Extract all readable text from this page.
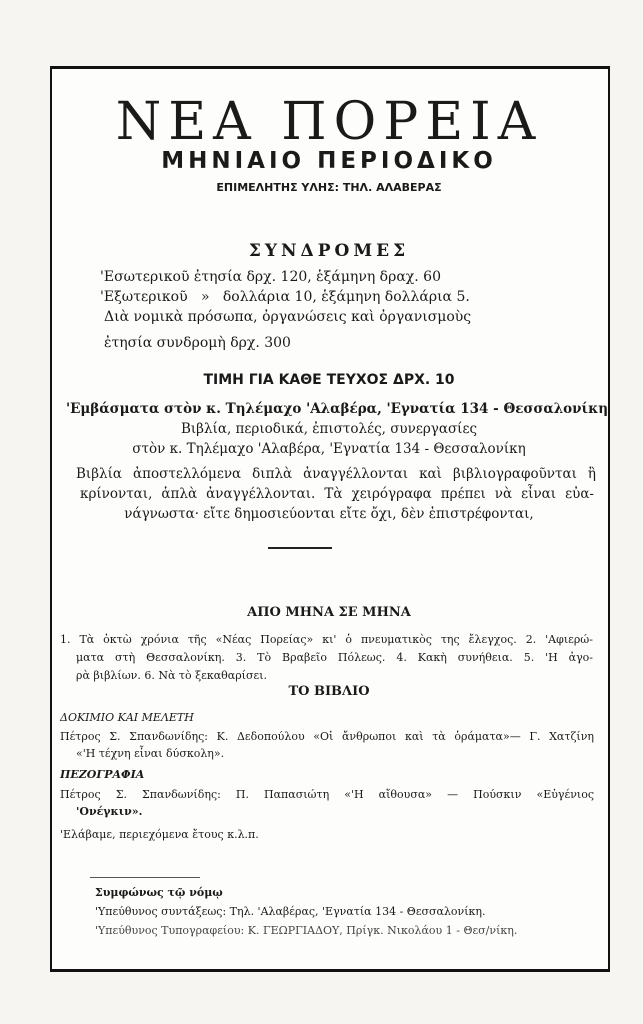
ΝΕΑ ΠΟΡΕΙΑ
ΜΗΝΙΑΙΟ ΠΕΡΙΟΔΙΚΟ
ΕΠΙΜΕΛΗΤΗΣ ΥΛΗΣ: ΤΗΛ. ΑΛΑΒΕΡΑΣ
ΣΥΝΔΡΟΜΕΣ
'Εσωτερικοῦ ἐτησία δρχ. 120, ἑξάμηνη δραχ. 60
'Εξωτερικοῦ   »   δολλάρια 10, ἑξάμηνη δολλάρια 5.
Διὰ νομικὰ πρόσωπα, ὀργανώσεις καὶ ὀργανισμοὺς
ἐτησία συνδρομὴ δρχ. 300
ΤΙΜΗ ΓΙΑ ΚΑΘΕ ΤΕΥΧΟΣ ΔΡΧ. 10
'Εμβάσματα στὸν κ. Τηλέμαχο 'Αλαβέρα, 'Εγνατία 134 - Θεσσαλονίκη
Βιβλία, περιοδικά, ἐπιστολές, συνεργασίες
στὸν κ. Τηλέμαχο 'Αλαβέρα, 'Εγνατία 134 - Θεσσαλονίκη
Βιβλία ἀποστελλόμενα διπλὰ ἀναγγέλλονται καὶ βιβλιογραφοῦνται ἢ
κρίνονται, ἁπλὰ ἀναγγέλλονται. Τὰ χειρόγραφα πρέπει νὰ εἶναι εὐα-
νάγνωστα· εἴτε δημοσιεύονται εἴτε ὄχι, δὲν ἐπιστρέφονται,
ΑΠΟ ΜΗΝΑ ΣΕ ΜΗΝΑ
1. Τὰ ὀκτὼ χρόνια τῆς «Νέας Πορείας» κι' ὁ πνευματικὸς της ἔλεγχος. 2. 'Αφιερώ-
ματα στὴ Θεσσαλονίκη. 3. Τὸ Βραβεῖο Πόλεως. 4. Κακὴ συνήθεια. 5. 'Η ἀγο-
ρὰ βιβλίων. 6. Νὰ τὸ ξεκαθαρίσει.
ΤΟ ΒΙΒΛΙΟ
ΔΟΚΙΜΙΟ ΚΑΙ ΜΕΛΕΤΗ
Πέτρος Σ. Σπανδωνίδης: Κ. Δεδοπούλου «Οἱ ἄνθρωποι καὶ τὰ ὁράματα»— Γ. Χατζίνη
«'Η τέχνη εἶναι δύσκολη».
ΠΕΖΟΓΡΑΦΙΑ
Πέτρος Σ. Σπανδωνίδης: Π. Παπασιώτη «'Η αἴθουσα» — Πούσκιν «Εὐγένιος
'Ονέγκιν».
'Ελάβαμε, περιεχόμενα ἔτους κ.λ.π.
Συμφώνως τῷ νόμῳ
'Υπεύθυνος συντάξεως: Τηλ. 'Αλαβέρας, 'Εγνατία 134 - Θεσσαλονίκη.
'Υπεύθυνος Τυπογραφείου: Κ. ΓΕΩΡΓΙΑΔΟΥ, Πρίγκ. Νικολάου 1 - Θεσ/νίκη.
